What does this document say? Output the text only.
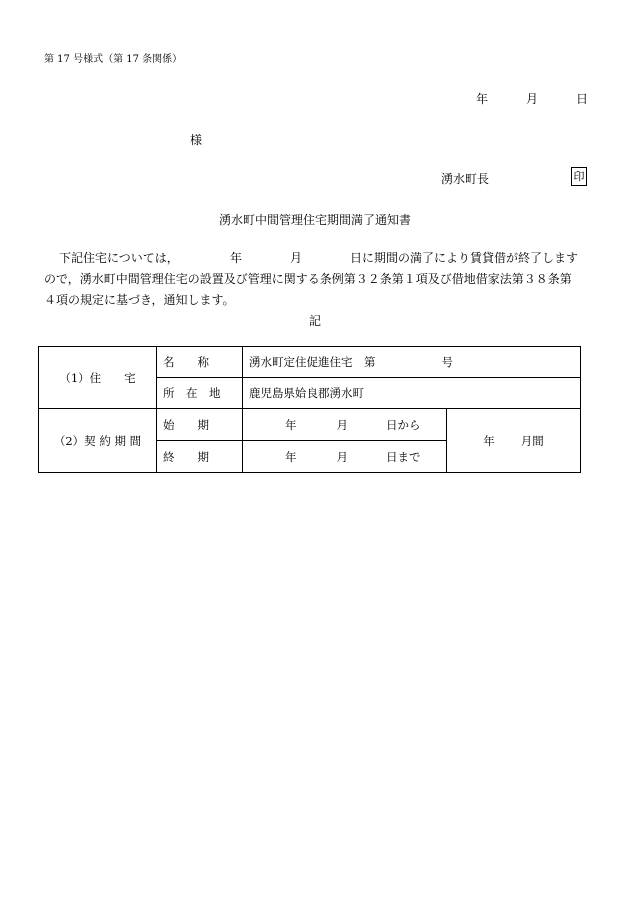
第 17 号様式（第 17 条関係）
年	月	日
様
湧水町長	印
湧水町中間管理住宅期間満了通知書
下記住宅については，	年	月	日に期間の満了により賃貸借が終了します
ので，湧水町中間管理住宅の設置及び管理に関する条例第３２条第１項及び借地借家法第３８条第
４項の規定に基づき，通知します。
記
（1）住　　宅	名　　称	湧水町定住促進住宅　第 号	
	所　在　地	鹿児島県姶良郡湧水町	
（2）契 約 期 間	始　　期	年 月 日から	年 月間
	終　　期	年 月 日まで	
